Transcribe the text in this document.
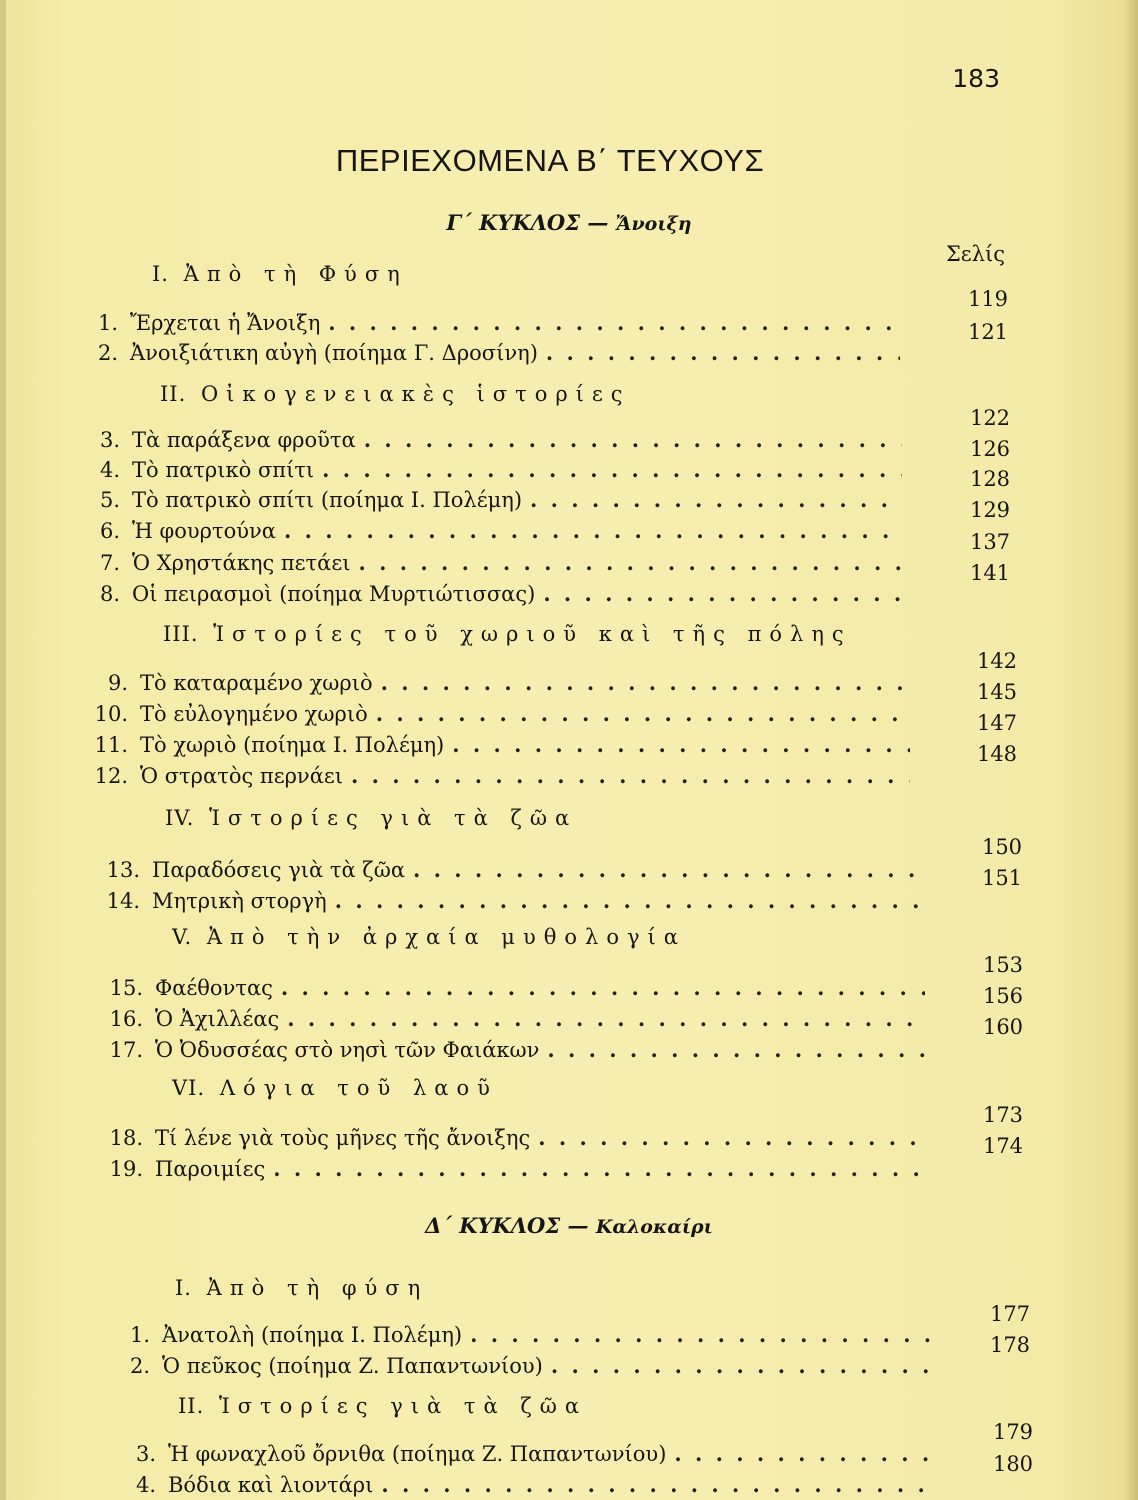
183
ΠΕΡΙΕΧΟΜΕΝΑ Β΄ ΤΕΥΧΟΥΣ
Σελίς
Γ΄ ΚΥΚΛΟΣ — Ἄνοιξη
I. Ἀπὸ τὴ Φύση
1. Ἔρχεται ἡ Ἄνοιξη
. . .
119
2. Ἀνοιξιάτικη αὐγὴ (ποίημα Γ. Δροσίνη)
. . .
121
II. Οἰκογενειακὲς ἱστορίες
3. Τὰ παράξενα φροῦτα
. . .
122
4. Τὸ πατρικὸ σπίτι
. . .
126
5. Τὸ πατρικὸ σπίτι (ποίημα Ι. Πολέμη)
. . .
128
6. Ἡ φουρτούνα
. . .
129
7. Ὁ Χρηστάκης πετάει
. . .
137
8. Οἱ πειρασμοὶ (ποίημα Μυρτιώτισσας)
. . .
141
III. Ἱστορίες τοῦ χωριοῦ καὶ τῆς πόλης
9. Τὸ καταραμένο χωριὸ
. . .
142
10. Τὸ εὐλογημένο χωριὸ
. . .
145
11. Τὸ χωριὸ (ποίημα Ι. Πολέμη)
. . .
147
12. Ὁ στρατὸς περνάει
. . .
148
IV. Ἱστορίες γιὰ τὰ ζῶα
13. Παραδόσεις γιὰ τὰ ζῶα
. . .
150
14. Μητρικὴ στοργὴ
. . .
151
V. Ἀπὸ τὴν ἀρχαία μυθολογία
15. Φαέθοντας
. . .
153
16. Ὁ Ἀχιλλέας
. . .
156
17. Ὁ Ὀδυσσέας στὸ νησὶ τῶν Φαιάκων
. . .
160
VI. Λόγια τοῦ λαοῦ
18. Τί λένε γιὰ τοὺς μῆνες τῆς ἄνοιξης
. . .
173
19. Παροιμίες
. . .
174
Δ΄ ΚΥΚΛΟΣ — Καλοκαίρι
I. Ἀπὸ τὴ φύση
1. Ἀνατολὴ (ποίημα Ι. Πολέμη)
. . .
177
2. Ὁ πεῦκος (ποίημα Ζ. Παπαντωνίου)
. . .
178
II. Ἱστορίες γιὰ τὰ ζῶα
3. Ἡ φωναχλοῦ ὄρνιθα (ποίημα Ζ. Παπαντωνίου)
. . .
179
4. Βόδια καὶ λιοντάρι
. . .
180
